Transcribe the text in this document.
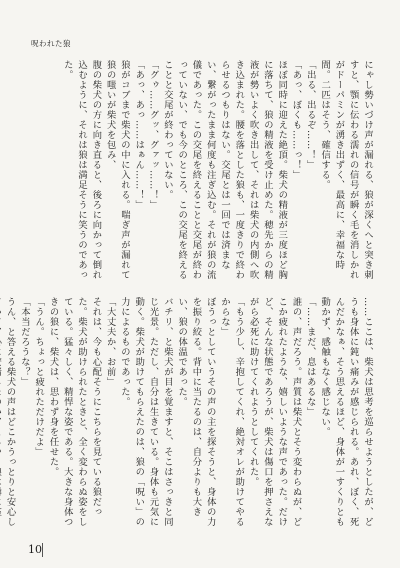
呪われた狼

にゃし勢いづけ声が漏れる、狼が深くへと突き刺すと、顎に伝わる濡れの信号が瞬く毛を消しかれがドーパミンが湧き出ずく、最高に、幸福な時間。二匹はそう、確信する。

「出る、出るぞ……！」

「あっ、ぼくも……っ！」

ほぼ同時に迎えた絶頂。柴犬の精液が三度ほど胸に落ちて、狼の精液を受け止めた。穂先からの精液が勢いよく吹き出して、それは柴犬の内側へ吹き込まれた。腰を落とした狼も、一度きりで終わらせるつもりはない。交尾とは一回では済まない、繋がったまま何度も注ぎ込む。それが狼の流儀であった。この交尾を終えることと交尾が終わっていない、でも今のところ、この交尾を終えることと交尾が終わっていない。

「グゥ……グッ、グァッ……！」

「あっ、あっ……はぁん……！」

狼がコブまで柴犬の中に入れる。喘ぎ声が漏れて狼の嗤いが柴犬を包み、

腹の柴犬の方に向き直ると、後ろに向かって倒れ込むように、それは狼は満足そうに笑うのであった。

……ここは、柴犬は思考を巡らせようとしたが、どうも身体に鈍い痛みが感じられる。あれ、ぼく、死んだかなぁ、そう思えるほど、身体が一すくりとも動かず、感触もなく感じない。

「……まだ、息はあるな」

誰の、声だろう。声質は柴犬とそう変わらぬが、どこか疲れたような、嬉しいような声であった。だけど、そんな状態であろうが、柴犬は傷口を押さえながら必死に助けてくれようとしてくれた。

「もう少し、辛抱してくれ、絶対オレが助けてやるからな」

ぼうっとしていうその声の主を探そうと、身体の力を振り絞る。背中に当たるのは、自分よりも大きい、狼の体温であった。

バチリ、と柴犬が目を覚ますと、そこはさっきと同じ光景。ただし、自分は生きている。身体も元気に動く。柴犬が助けてもらえたのは、狼の「呪い」の力によるものであった。

「大丈夫か、お前」

それは、今も心配そうにこちらを見ている狼だった。柴犬が助けられたときと、全く変わらぬ姿をしている。猛々しく、精悍な姿である。大きな身体つきの狼に、柴犬は、思わず身を任せた。

「うん。ちょっと疲れただけだよ」

「本当だろうな？」

うん、と答える柴犬の声はどこかうっとりと安心し

10
